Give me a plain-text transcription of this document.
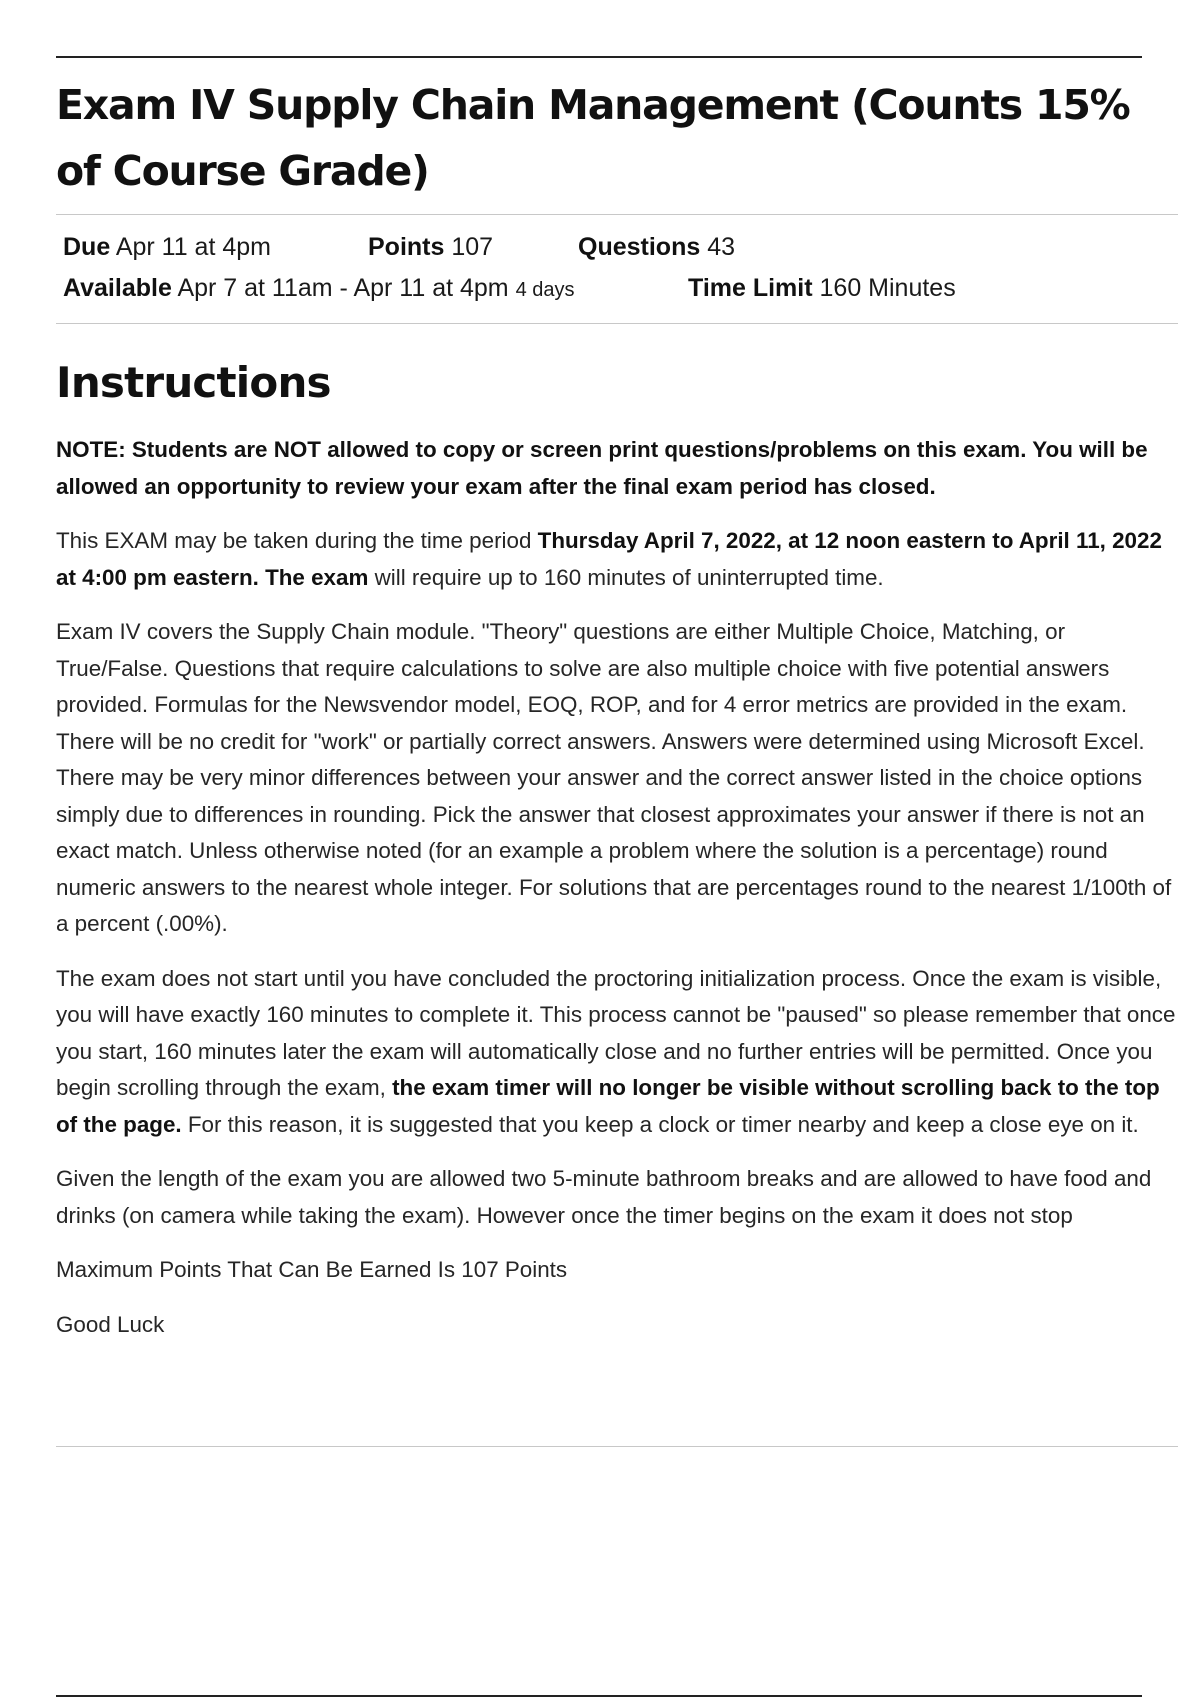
Exam IV Supply Chain Management (Counts 15% of Course Grade)
Due Apr 11 at 4pm	Points 107	Questions 43
Available Apr 7 at 11am - Apr 11 at 4pm 4 days	Time Limit 160 Minutes
Instructions

NOTE: Students are NOT allowed to copy or screen print questions/problems on this exam. You will be allowed an opportunity to review your exam after the final exam period has closed.

This EXAM may be taken during the time period Thursday April 7, 2022, at 12 noon eastern to April 11, 2022 at 4:00 pm eastern. The exam will require up to 160 minutes of uninterrupted time.

Exam IV covers the Supply Chain module. "Theory" questions are either Multiple Choice, Matching, or True/False. Questions that require calculations to solve are also multiple choice with five potential answers provided. Formulas for the Newsvendor model, EOQ, ROP, and for 4 error metrics are provided in the exam. There will be no credit for "work" or partially correct answers. Answers were determined using Microsoft Excel. There may be very minor differences between your answer and the correct answer listed in the choice options simply due to differences in rounding. Pick the answer that closest approximates your answer if there is not an exact match. Unless otherwise noted (for an example a problem where the solution is a percentage) round numeric answers to the nearest whole integer. For solutions that are percentages round to the nearest 1/100th of a percent (.00%).

The exam does not start until you have concluded the proctoring initialization process. Once the exam is visible, you will have exactly 160 minutes to complete it. This process cannot be "paused" so please remember that once you start, 160 minutes later the exam will automatically close and no further entries will be permitted. Once you begin scrolling through the exam, the exam timer will no longer be visible without scrolling back to the top of the page. For this reason, it is suggested that you keep a clock or timer nearby and keep a close eye on it.

Given the length of the exam you are allowed two 5-minute bathroom breaks and are allowed to have food and drinks (on camera while taking the exam). However once the timer begins on the exam it does not stop

Maximum Points That Can Be Earned Is 107 Points

Good Luck
